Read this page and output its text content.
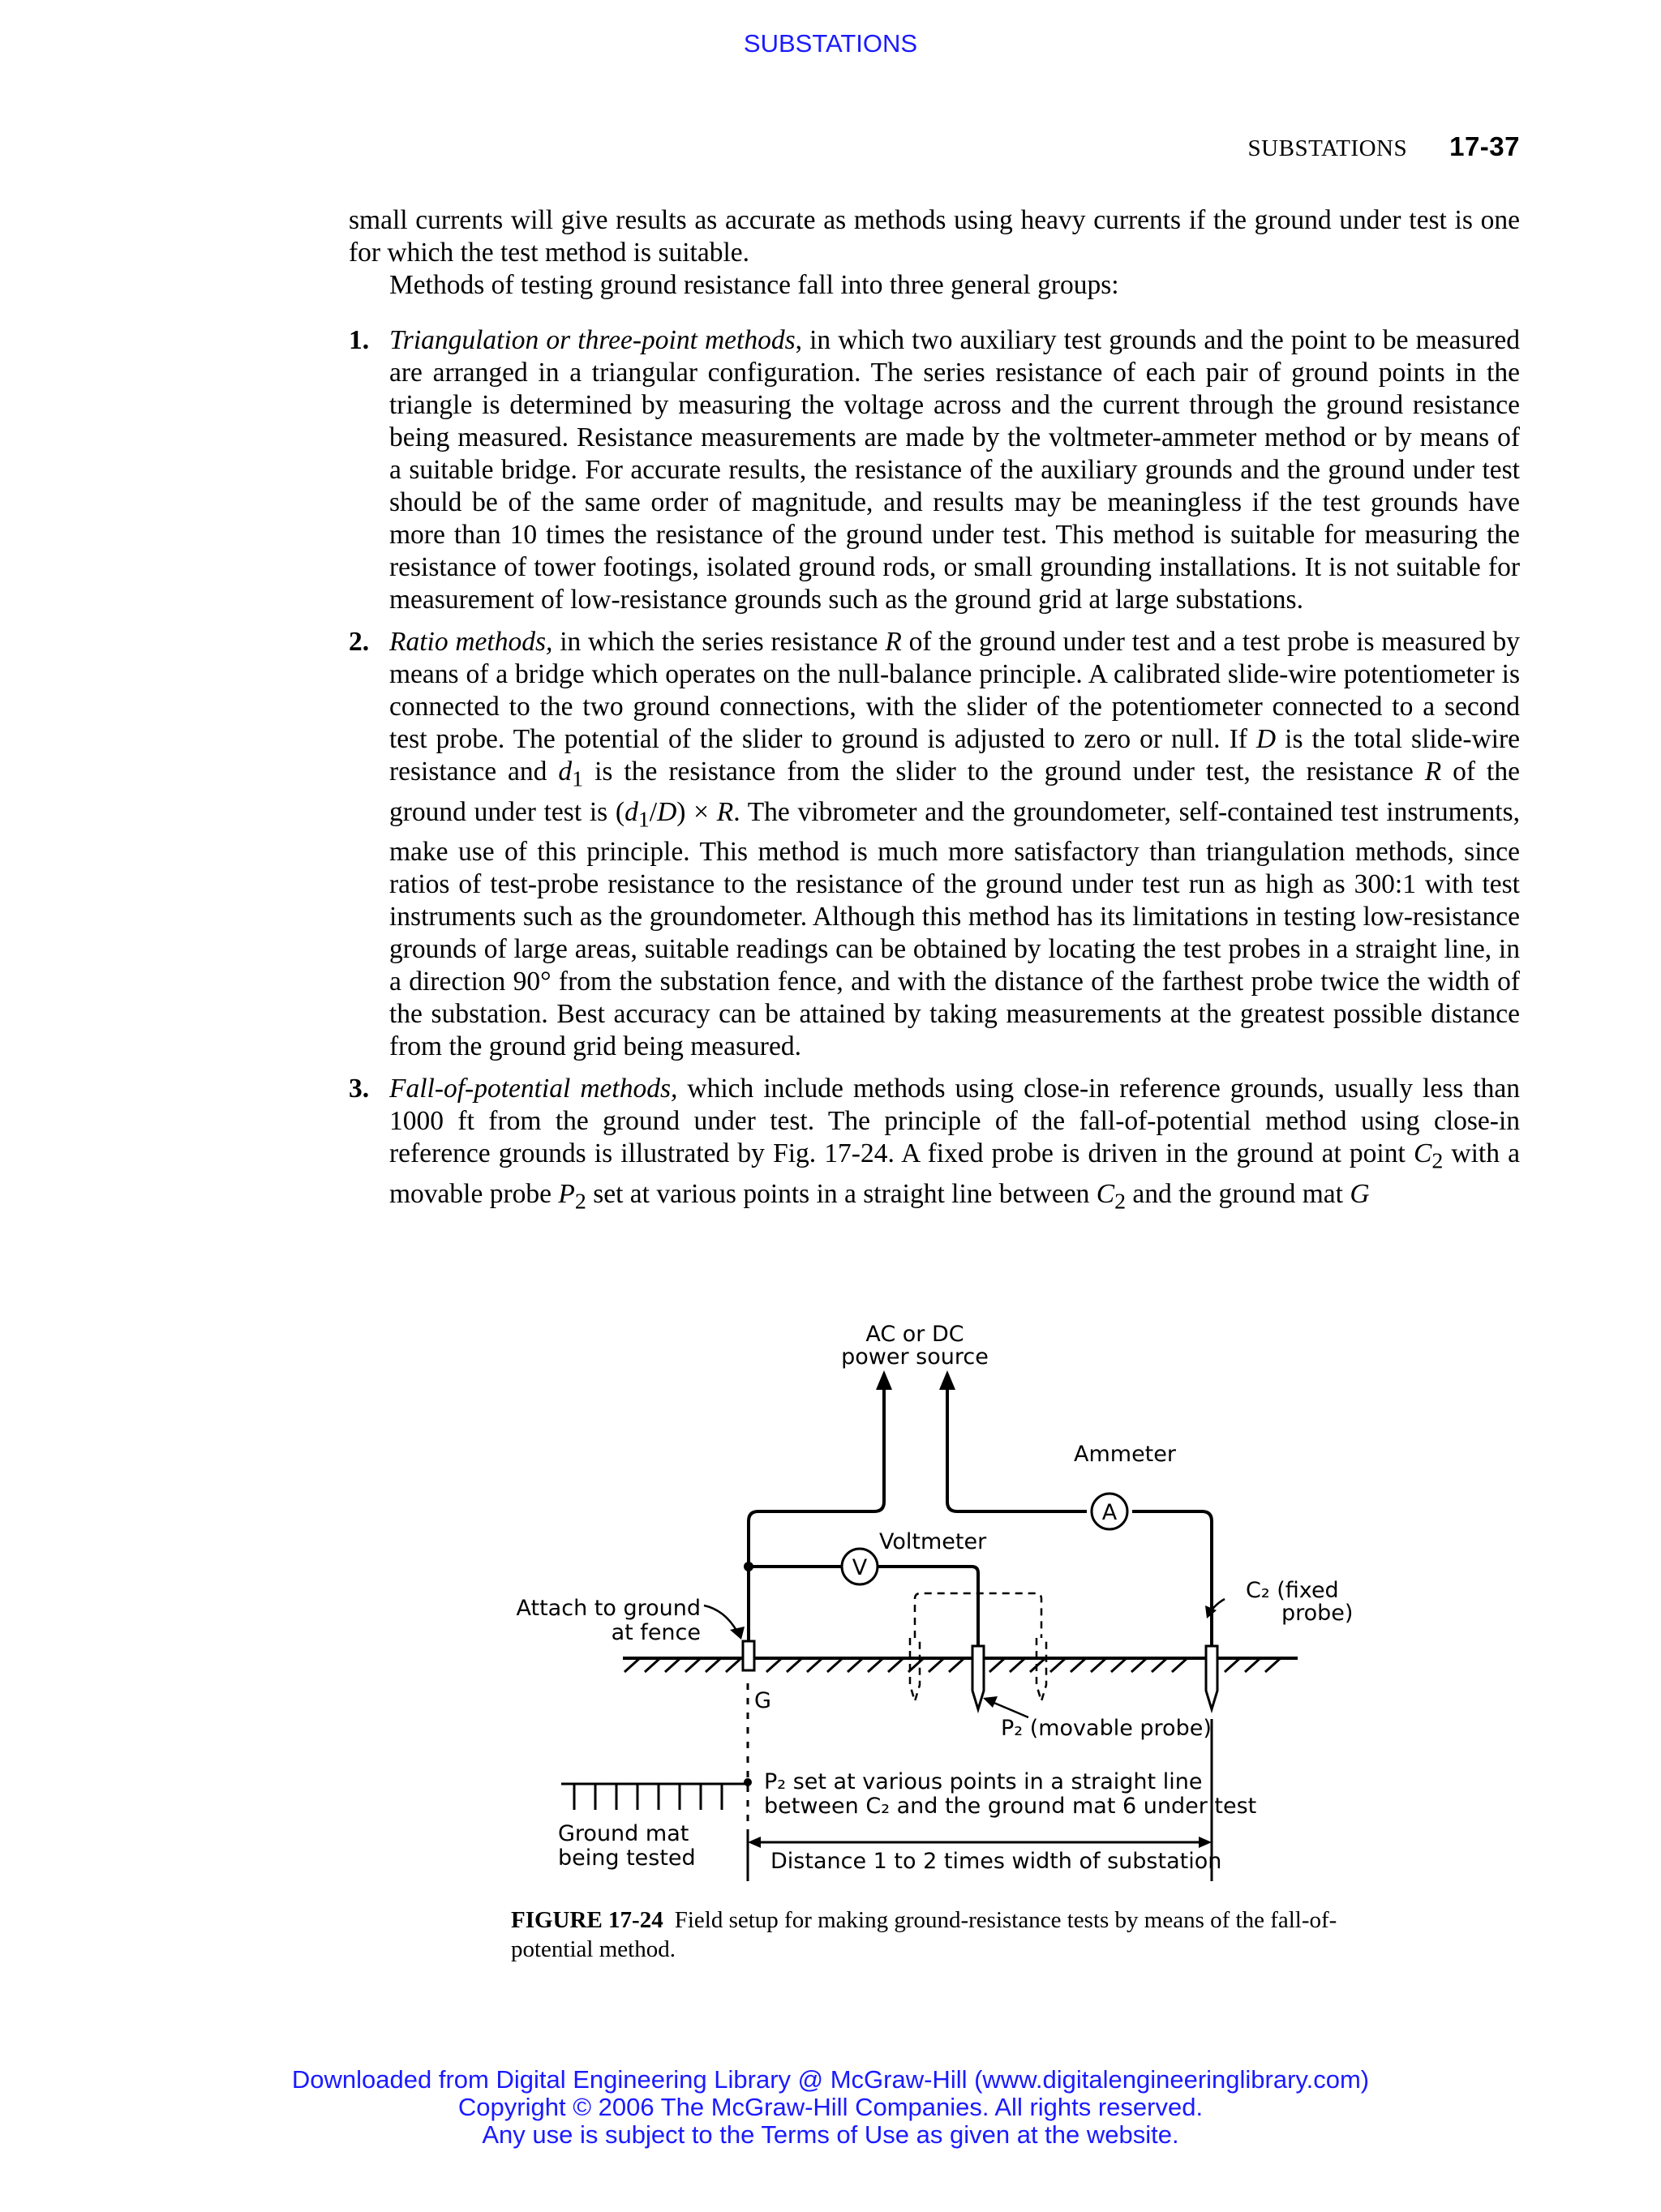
SUBSTATIONS
SUBSTATIONS 17-37
small currents will give results as accurate as methods using heavy currents if the ground under test is one for which the test method is suitable.
Methods of testing ground resistance fall into three general groups:
1. Triangulation or three-point methods, in which two auxiliary test grounds and the point to be measured are arranged in a triangular configuration. The series resistance of each pair of ground points in the triangle is determined by measuring the voltage across and the current through the ground resistance being measured. Resistance measurements are made by the voltmeter-ammeter method or by means of a suitable bridge. For accurate results, the resistance of the auxiliary grounds and the ground under test should be of the same order of magnitude, and results may be meaningless if the test grounds have more than 10 times the resistance of the ground under test. This method is suitable for measuring the resistance of tower footings, isolated ground rods, or small grounding installations. It is not suitable for measurement of low-resistance grounds such as the ground grid at large substations.
2. Ratio methods, in which the series resistance R of the ground under test and a test probe is measured by means of a bridge which operates on the null-balance principle. A calibrated slide-wire potentiometer is connected to the two ground connections, with the slider of the potentiometer connected to a second test probe. The potential of the slider to ground is adjusted to zero or null. If D is the total slide-wire resistance and $d_1$ is the resistance from the slider to the ground under test, the resistance R of the ground under test is $(d_1/D) \times R$. The vibrometer and the groundometer, self-contained test instruments, make use of this principle. This method is much more satisfactory than triangulation methods, since ratios of test-probe resistance to the resistance of the ground under test run as high as 300:1 with test instruments such as the groundometer. Although this method has its limitations in testing low-resistance grounds of large areas, suitable readings can be obtained by locating the test probes in a straight line, in a direction 90° from the substation fence, and with the distance of the farthest probe twice the width of the substation. Best accuracy can be attained by taking measurements at the greatest possible distance from the ground grid being measured.
3. Fall-of-potential methods, which include methods using close-in reference grounds, usually less than 1000 ft from the ground under test. The principle of the fall-of-potential method using close-in reference grounds is illustrated by Fig. 17-24. A fixed probe is driven in the ground at point $C_2$ with a movable probe $P_2$ set at various points in a straight line between $C_2$ and the ground mat G
AC or DC
power source
Ammeter
A
Voltmeter
V
Attach to ground
at fence
C₂ (fixed
probe)
G
P₂ (movable probe)
P₂ set at various points in a straight line
between C₂ and the ground mat 6 under test
Ground mat
being tested	Distance 1 to 2 times width of substation
FIGURE 17-24 Field setup for making ground-resistance tests by means of the fall-of-potential method.
Downloaded from Digital Engineering Library @ McGraw-Hill (www.digitalengineeringlibrary.com)
Copyright © 2006 The McGraw-Hill Companies. All rights reserved.
Any use is subject to the Terms of Use as given at the website.
